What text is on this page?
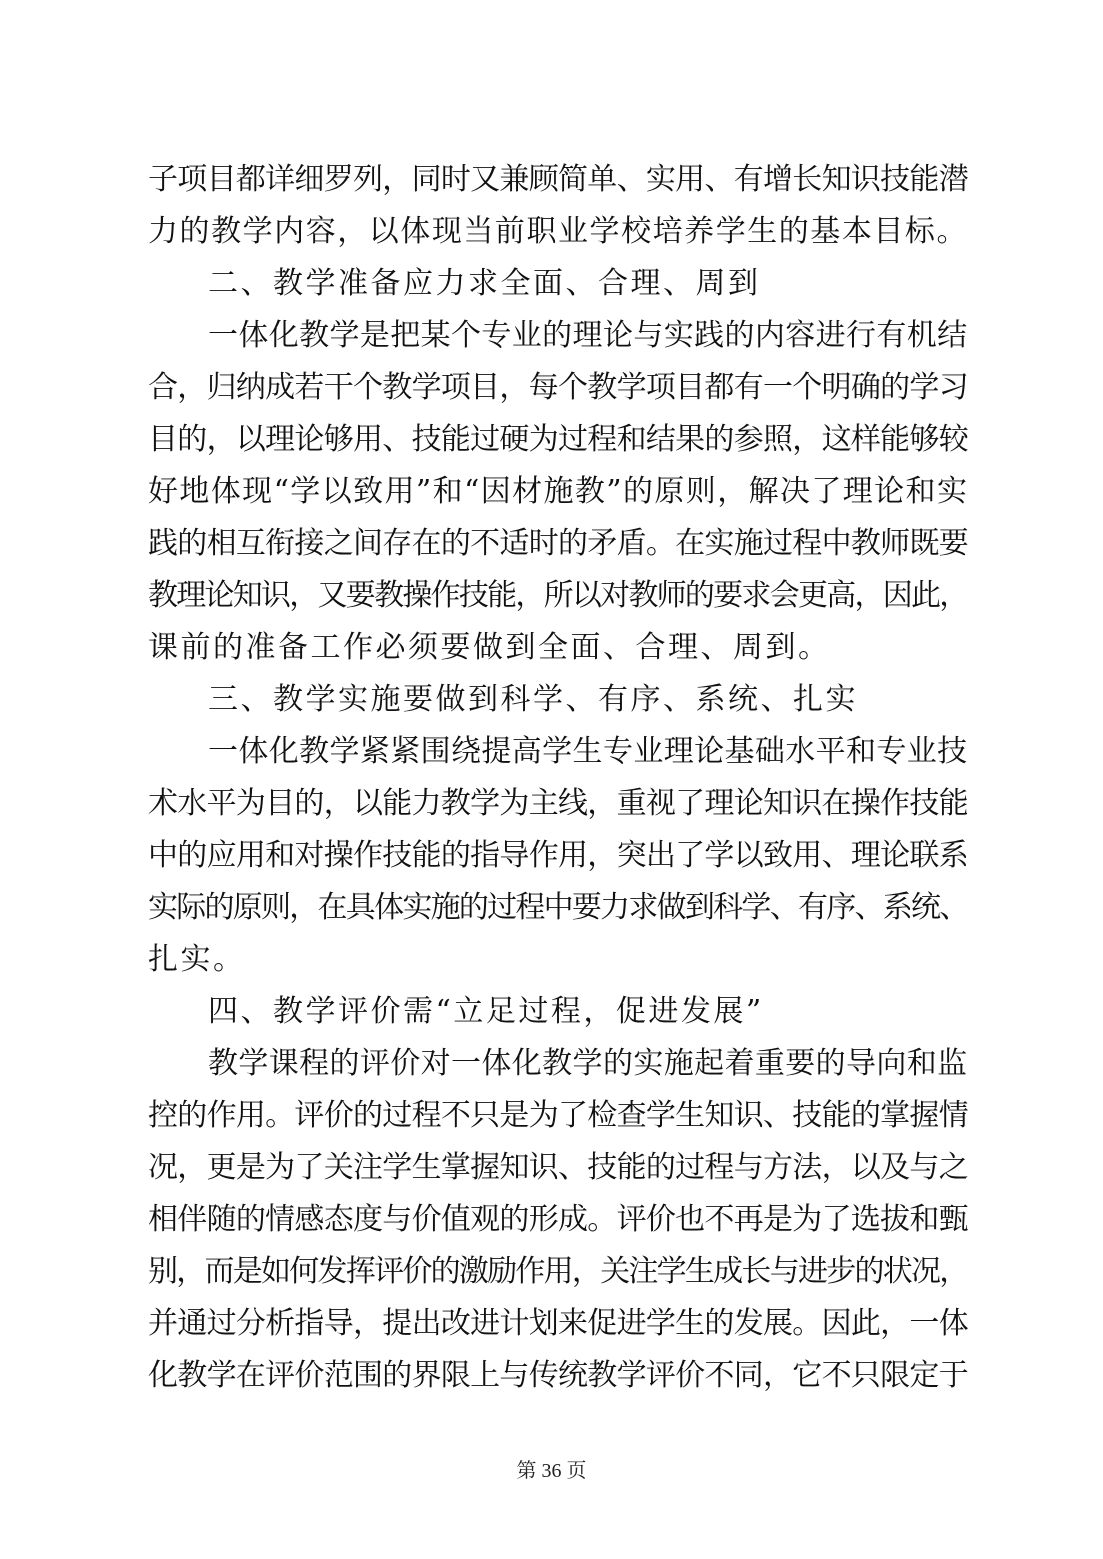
子项目都详细罗列，同时又兼顾简单、实用、有增长知识技能潜
力的教学内容，以体现当前职业学校培养学生的基本目标。
二、教学准备应力求全面、合理、周到
一体化教学是把某个专业的理论与实践的内容进行有机结
合，归纳成若干个教学项目，每个教学项目都有一个明确的学习
目的，以理论够用、技能过硬为过程和结果的参照，这样能够较
好地体现“学以致用”和“因材施教”的原则，解决了理论和实
践的相互衔接之间存在的不适时的矛盾。在实施过程中教师既要
教理论知识，又要教操作技能，所以对教师的要求会更高，因此，
课前的准备工作必须要做到全面、合理、周到。
三、教学实施要做到科学、有序、系统、扎实
一体化教学紧紧围绕提高学生专业理论基础水平和专业技
术水平为目的，以能力教学为主线，重视了理论知识在操作技能
中的应用和对操作技能的指导作用，突出了学以致用、理论联系
实际的原则，在具体实施的过程中要力求做到科学、有序、系统、
扎实。
四、教学评价需“立足过程，促进发展”
教学课程的评价对一体化教学的实施起着重要的导向和监
控的作用。评价的过程不只是为了检查学生知识、技能的掌握情
况，更是为了关注学生掌握知识、技能的过程与方法，以及与之
相伴随的情感态度与价值观的形成。评价也不再是为了选拔和甄
别，而是如何发挥评价的激励作用，关注学生成长与进步的状况，
并通过分析指导，提出改进计划来促进学生的发展。因此，一体
化教学在评价范围的界限上与传统教学评价不同，它不只限定于
第 36 页
